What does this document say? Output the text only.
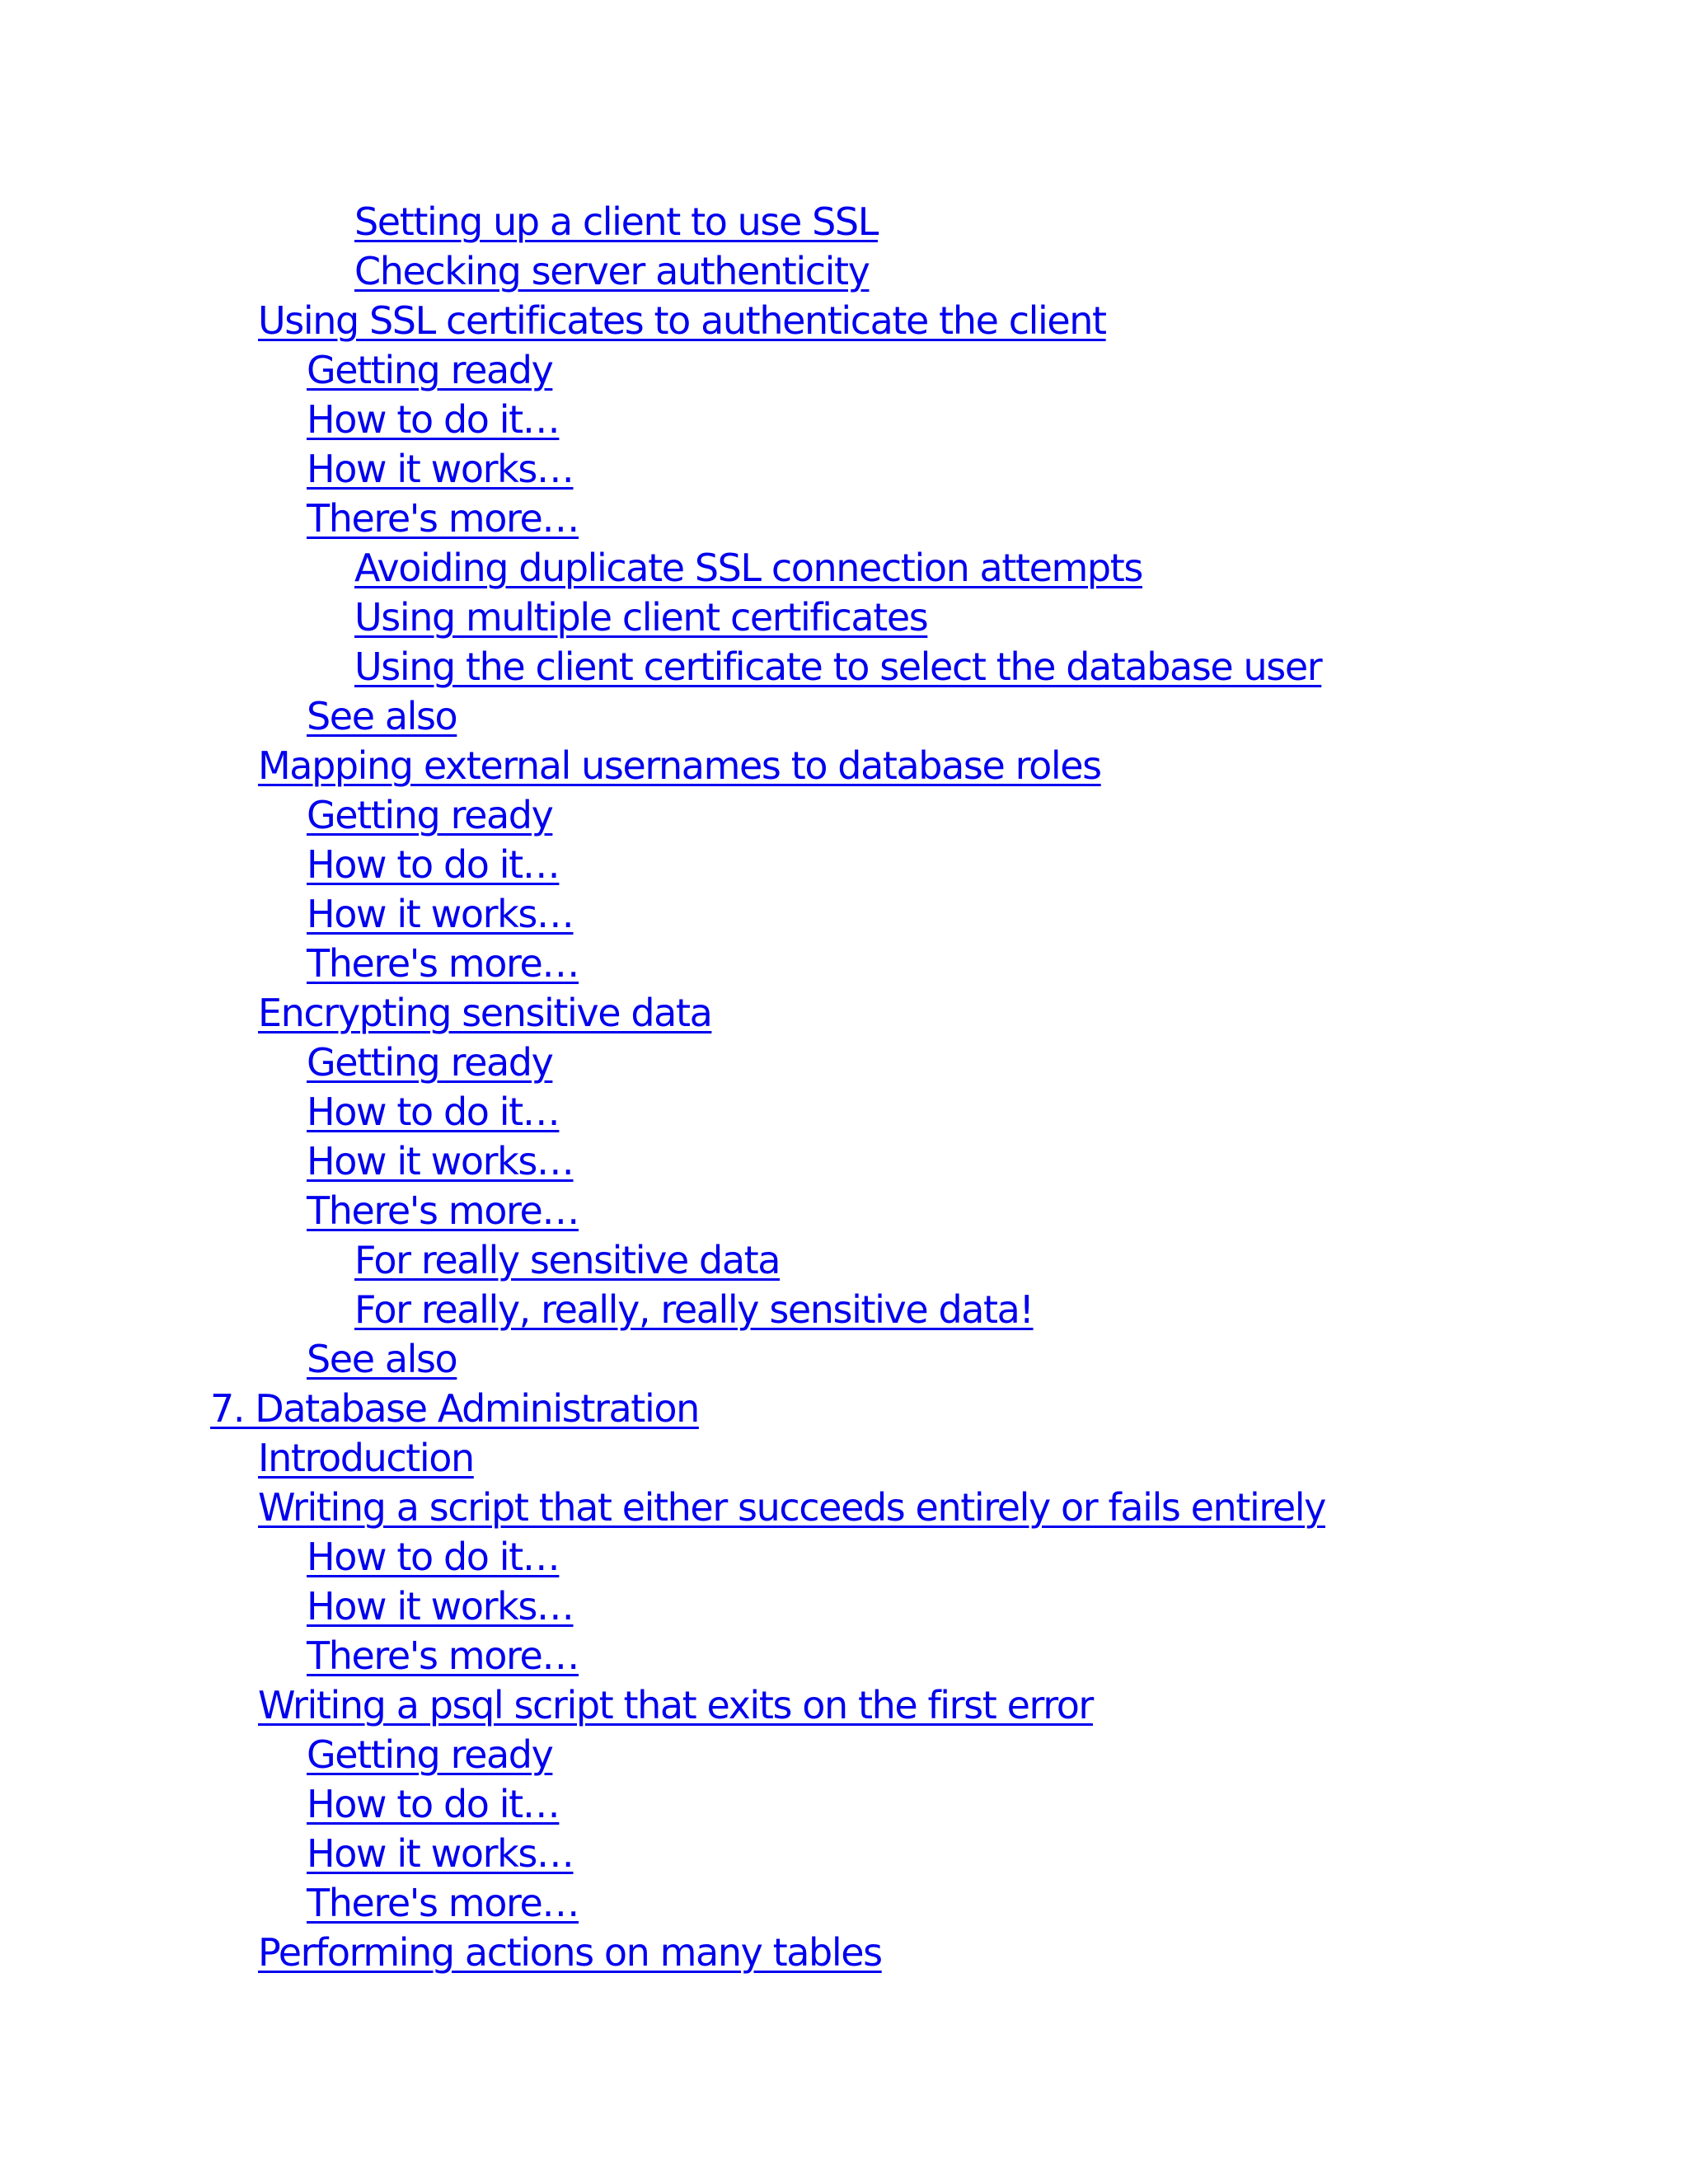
Setting up a client to use SSL
Checking server authenticity
Using SSL certificates to authenticate the client
Getting ready
How to do it…
How it works…
There's more…
Avoiding duplicate SSL connection attempts
Using multiple client certificates
Using the client certificate to select the database user
See also
Mapping external usernames to database roles
Getting ready
How to do it…
How it works…
There's more…
Encrypting sensitive data
Getting ready
How to do it…
How it works…
There's more…
For really sensitive data
For really, really, really sensitive data!
See also
7. Database Administration
Introduction
Writing a script that either succeeds entirely or fails entirely
How to do it…
How it works…
There's more…
Writing a psql script that exits on the first error
Getting ready
How to do it…
How it works…
There's more…
Performing actions on many tables
